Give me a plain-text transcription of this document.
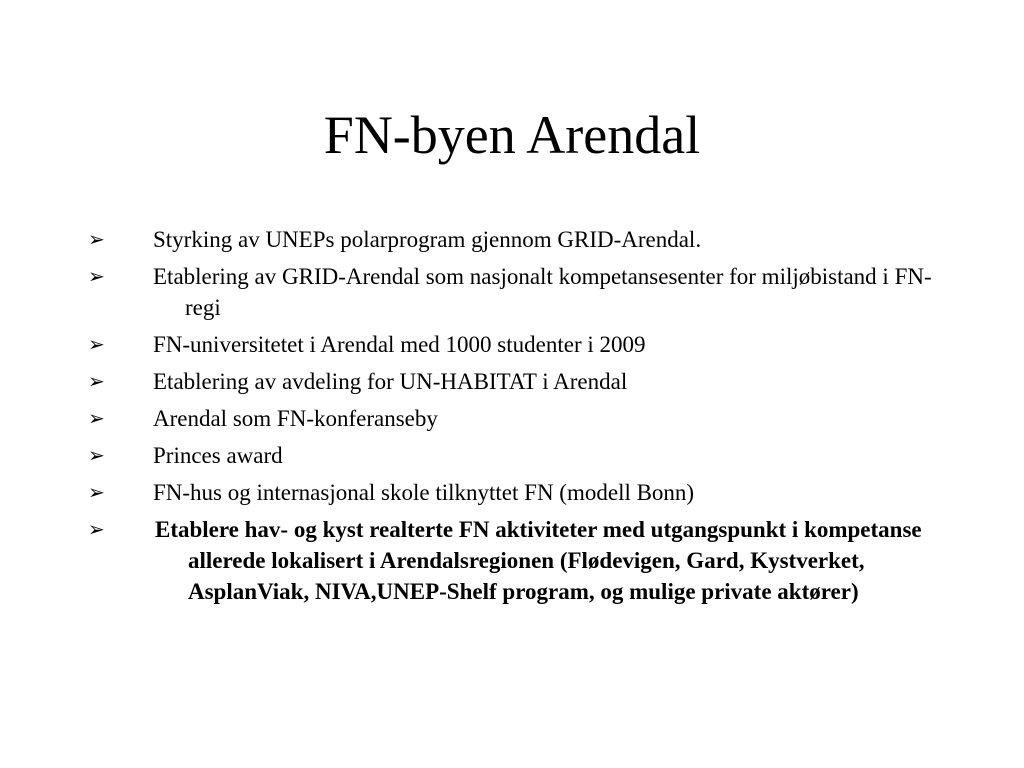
FN-byen Arendal
➢	Styrking av UNEPs polarprogram gjennom GRID-Arendal.
➢	Etablering av GRID-Arendal som nasjonalt kompetansesenter for miljøbistand i FN-regi
➢	FN-universitetet i Arendal med 1000 studenter i 2009
➢	Etablering av avdeling for UN-HABITAT i Arendal
➢	Arendal som FN-konferanseby
➢	Princes award
➢	FN-hus og internasjonal skole tilknyttet FN (modell Bonn)
➢	Etablere hav- og kyst realterte FN aktiviteter med utgangspunkt i kompetanse allerede lokalisert i Arendalsregionen (Flødevigen, Gard, Kystverket, AsplanViak, NIVA,UNEP-Shelf program, og mulige private aktører)
